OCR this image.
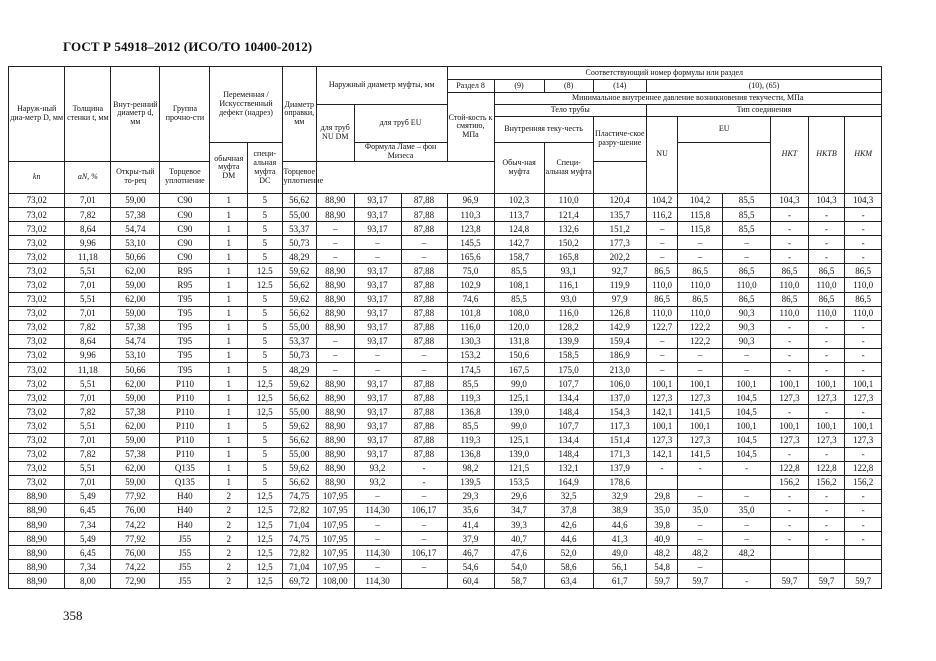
ГОСТ Р 54918–2012 (ИСО/ТО 10400-2012)
Наруж-ный диа-метр D, мм	Толщина стенки t, мм	Внут-ренний диаметр d, мм	Группа прочно-сти	Переменная /Искусственный дефект (надрез)		Диаметр оправки, мм	Наружный диаметр муфты, мм			Соответствующий номер формулы или раздел									
										Раздел 8	(9)	(8)	(14)	(10), (65)					
										Стой-кость к смятию, МПа	Минимальное внутреннее давление возникновения текучести, МПа								
							для труб NU DM	для труб EU			Тело трубы			Тип соединения					
											Внутренняя теку-честь		Пластиче-ское разру-шение	NU	EU		НКТ	НКТВ	НКМ
				обычная муфта DM	специ-альная муфта DC			Формула Ламе – фон Мизеса			Обыч-ная муфта	Специ-альная муфта							
kn	aN, %	Откры-тый то-рец	Торцевое уплотнение			Торцевое уплотнение													
73,02	7,01	59,00	C90	1	5	56,62	88,90	93,17	87,88	96,9	102,3	110,0	120,4	104,2	104,2	85,5	104,3	104,3	104,3
73,02	7,82	57,38	C90	1	5	55,00	88,90	93,17	87,88	110,3	113,7	121,4	135,7	116,2	115,8	85,5	-	-	-
73,02	8,64	54,74	C90	1	5	53,37	–	93,17	87,88	123,8	124,8	132,6	151,2	–	115,8	85,5	-	-	-
73,02	9,96	53,10	C90	1	5	50,73	–	–	–	145,5	142,7	150,2	177,3	–	–	–	-	-	-
73,02	11,18	50,66	C90	1	5	48,29	–	–	–	165,6	158,7	165,8	202,2	–	–	–	-	-	-
73,02	5,51	62,00	R95	1	12.5	59,62	88,90	93,17	87,88	75,0	85,5	93,1	92,7	86,5	86,5	86,5	86,5	86,5	86,5
73,02	7,01	59,00	R95	1	12.5	56,62	88,90	93,17	87,88	102,9	108,1	116,1	119,9	110,0	110,0	110,0	110,0	110,0	110,0
73,02	5,51	62,00	T95	1	5	59,62	88,90	93,17	87,88	74,6	85,5	93,0	97,9	86,5	86,5	86,5	86,5	86,5	86,5
73,02	7,01	59,00	T95	1	5	56,62	88,90	93,17	87,88	101,8	108,0	116,0	126,8	110,0	110,0	90,3	110,0	110,0	110,0
73,02	7,82	57,38	T95	1	5	55,00	88,90	93,17	87,88	116,0	120,0	128,2	142,9	122,7	122,2	90,3	-	-	-
73,02	8,64	54,74	T95	1	5	53,37	–	93,17	87,88	130,3	131,8	139,9	159,4	–	122,2	90,3	-	-	-
73,02	9,96	53,10	T95	1	5	50,73	–	–	–	153,2	150,6	158,5	186,9	–	–	–	-	-	-
73,02	11,18	50,66	T95	1	5	48,29	–	–	–	174,5	167,5	175,0	213,0	–	–	–	-	-	-
73,02	5,51	62,00	P110	1	12,5	59,62	88,90	93,17	87,88	85,5	99,0	107,7	106,0	100,1	100,1	100,1	100,1	100,1	100,1
73,02	7,01	59,00	P110	1	12,5	56,62	88,90	93,17	87,88	119,3	125,1	134,4	137,0	127,3	127,3	104,5	127,3	127,3	127,3
73,02	7,82	57,38	P110	1	12,5	55,00	88,90	93,17	87,88	136,8	139,0	148,4	154,3	142,1	141,5	104,5	-	-	-
73,02	5,51	62,00	P110	1	5	59,62	88,90	93,17	87,88	85,5	99,0	107,7	117,3	100,1	100,1	100,1	100,1	100,1	100,1
73,02	7,01	59,00	P110	1	5	56,62	88,90	93,17	87,88	119,3	125,1	134,4	151,4	127,3	127,3	104,5	127,3	127,3	127,3
73,02	7,82	57,38	P110	1	5	55,00	88,90	93,17	87,88	136,8	139,0	148,4	171,3	142,1	141,5	104,5	-	-	-
73,02	5,51	62,00	Q135	1	5	59,62	88,90	93,2	-	98,2	121,5	132,1	137,9	-	-	-	122,8	122,8	122,8
73,02	7,01	59,00	Q135	1	5	56,62	88,90	93,2	-	139,5	153,5	164,9	178,6				156,2	156,2	156,2
88,90	5,49	77,92	H40	2	12,5	74,75	107,95	–	–	29,3	29,6	32,5	32,9	29,8	–	–	-	-	-
88,90	6,45	76,00	H40	2	12,5	72,82	107,95	114,30	106,17	35,6	34,7	37,8	38,9	35,0	35,0	35,0	-	-	-
88,90	7,34	74,22	H40	2	12,5	71,04	107,95	–	–	41,4	39,3	42,6	44,6	39,8	–	–	-	-	-
88,90	5,49	77,92	J55	2	12,5	74,75	107,95	–	–	37,9	40,7	44,6	41,3	40,9	–	–	-	-	-
88,90	6,45	76,00	J55	2	12,5	72,82	107,95	114,30	106,17	46,7	47,6	52,0	49,0	48,2	48,2	48,2			
88,90	7,34	74,22	J55	2	12,5	71,04	107,95	–	–	54,6	54,0	58,6	56,1	54,8	–				
88,90	8,00	72,90	J55	2	12,5	69,72	108,00	114,30		60,4	58,7	63,4	61,7	59,7	59,7	-	59,7	59,7	59,7
358
